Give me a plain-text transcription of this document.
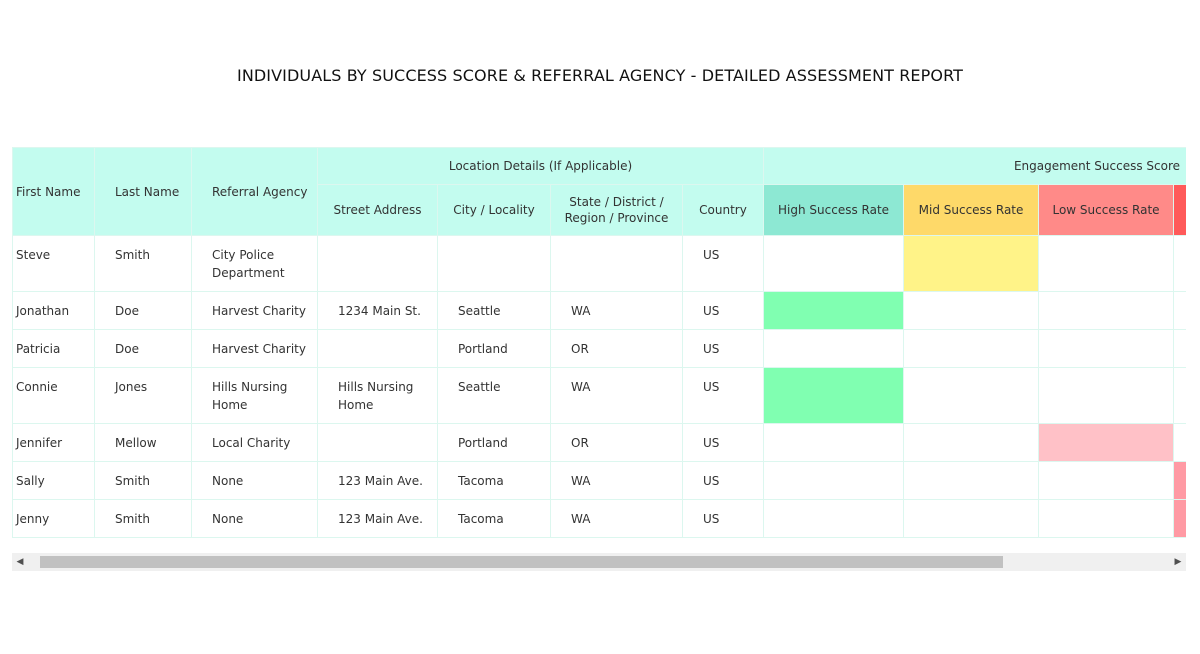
INDIVIDUALS BY SUCCESS SCORE & REFERRAL AGENCY - DETAILED ASSESSMENT REPORT
First Name	Last Name	Referral Agency	Location Details (If Applicable)				Engagement Success Score			
			Street Address	City / Locality	State / District / Region / Province	Country	High Success Rate	Mid Success Rate	Low Success Rate	
Steve	Smith	City Police Department				US				
Jonathan	Doe	Harvest Charity	1234 Main St.	Seattle	WA	US				
Patricia	Doe	Harvest Charity		Portland	OR	US				
Connie	Jones	Hills Nursing Home	Hills Nursing Home	Seattle	WA	US				
Jennifer	Mellow	Local Charity		Portland	OR	US				
Sally	Smith	None	123 Main Ave.	Tacoma	WA	US				
Jenny	Smith	None	123 Main Ave.	Tacoma	WA	US				
◀	▶
